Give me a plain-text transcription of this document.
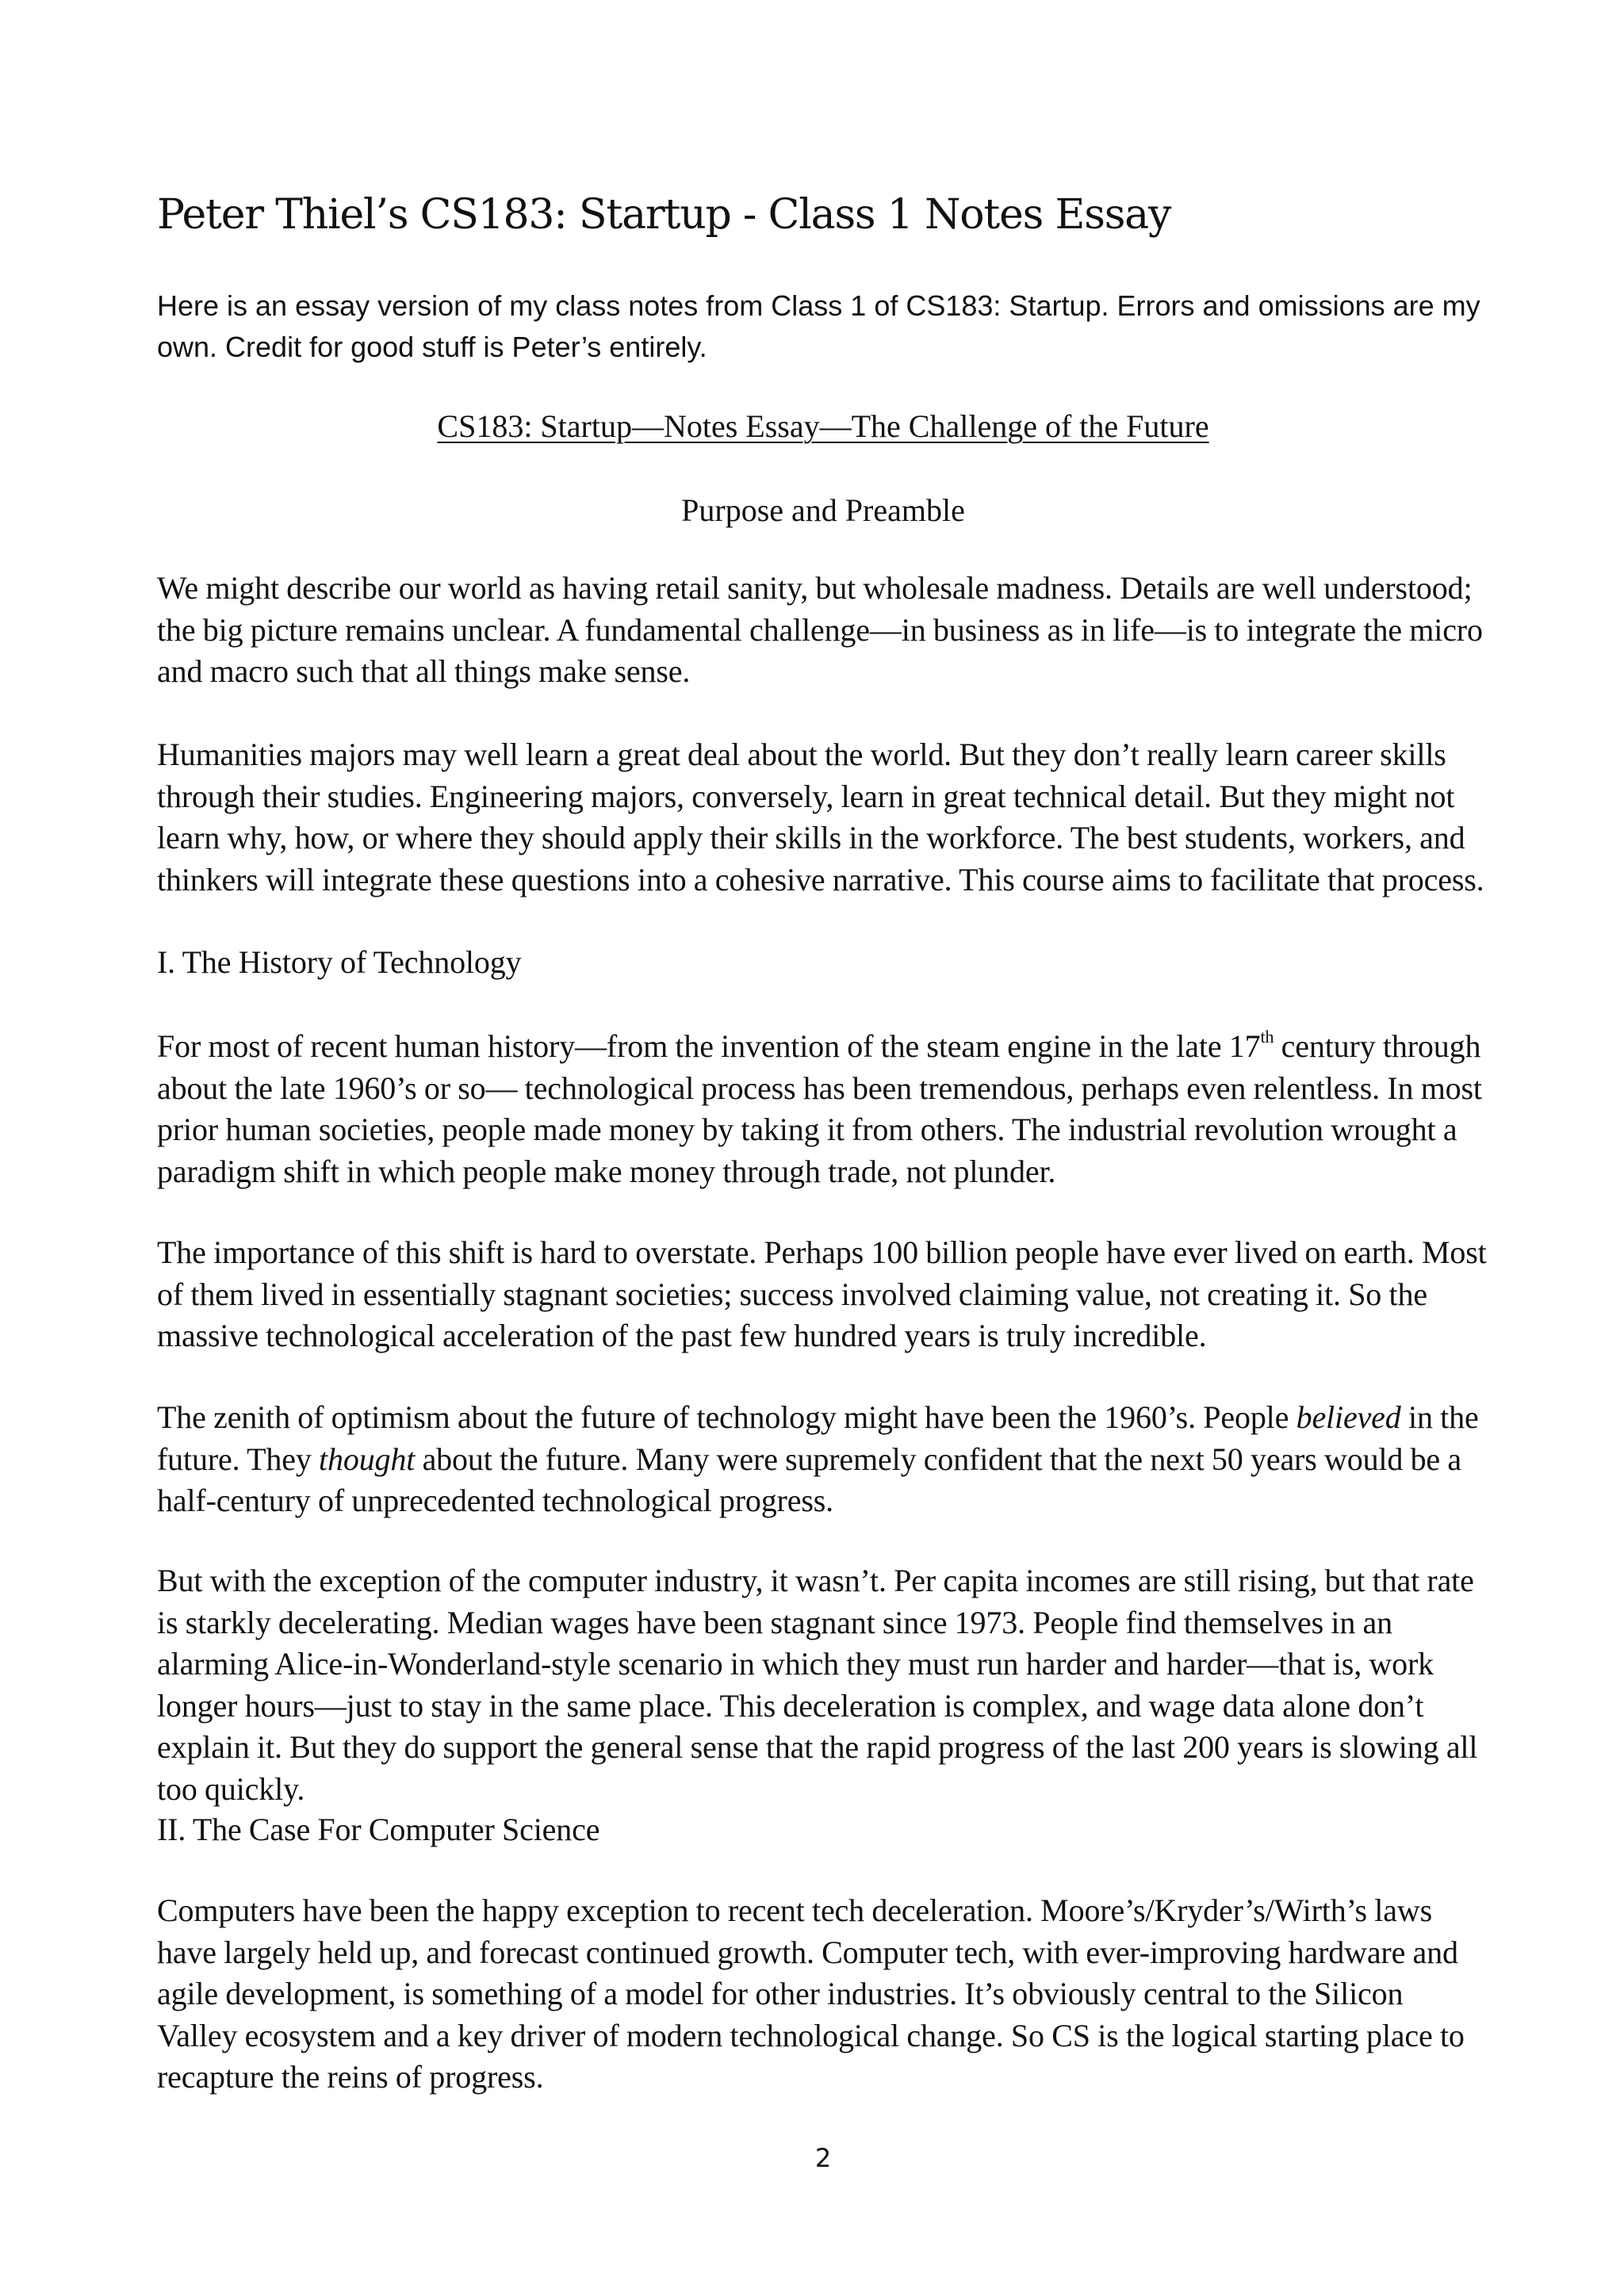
Peter Thiel’s CS183: Startup - Class 1 Notes Essay
Here is an essay version of my class notes from Class 1 of CS183: Startup. Errors and omissions are my own. Credit for good stuff is Peter’s entirely.
CS183: Startup—Notes Essay—The Challenge of the Future
Purpose and Preamble

We might describe our world as having retail sanity, but wholesale madness. Details are well understood; the big picture remains unclear. A fundamental challenge—in business as in life—is to integrate the micro and macro such that all things make sense.

Humanities majors may well learn a great deal about the world. But they don’t really learn career skills through their studies. Engineering majors, conversely, learn in great technical detail. But they might not learn why, how, or where they should apply their skills in the workforce. The best students, workers, and thinkers will integrate these questions into a cohesive narrative. This course aims to facilitate that process.

I. The History of Technology

For most of recent human history—from the invention of the steam engine in the late 17th century through about the late 1960’s or so— technological process has been tremendous, perhaps even relentless. In most prior human societies, people made money by taking it from others. The industrial revolution wrought a paradigm shift in which people make money through trade, not plunder.

The importance of this shift is hard to overstate. Perhaps 100 billion people have ever lived on earth. Most of them lived in essentially stagnant societies; success involved claiming value, not creating it. So the massive technological acceleration of the past few hundred years is truly incredible.

The zenith of optimism about the future of technology might have been the 1960’s. People believed in the future. They thought about the future. Many were supremely confident that the next 50 years would be a half-century of unprecedented technological progress.

But with the exception of the computer industry, it wasn’t. Per capita incomes are still rising, but that rate is starkly decelerating. Median wages have been stagnant since 1973. People find themselves in an alarming Alice-in-Wonderland-style scenario in which they must run harder and harder—that is, work longer hours—just to stay in the same place. This deceleration is complex, and wage data alone don’t explain it. But they do support the general sense that the rapid progress of the last 200 years is slowing all too quickly.

II. The Case For Computer Science

Computers have been the happy exception to recent tech deceleration. Moore’s/Kryder’s/Wirth’s laws have largely held up, and forecast continued growth. Computer tech, with ever-improving hardware and agile development, is something of a model for other industries. It’s obviously central to the Silicon Valley ecosystem and a key driver of modern technological change. So CS is the logical starting place to recapture the reins of progress.

2
